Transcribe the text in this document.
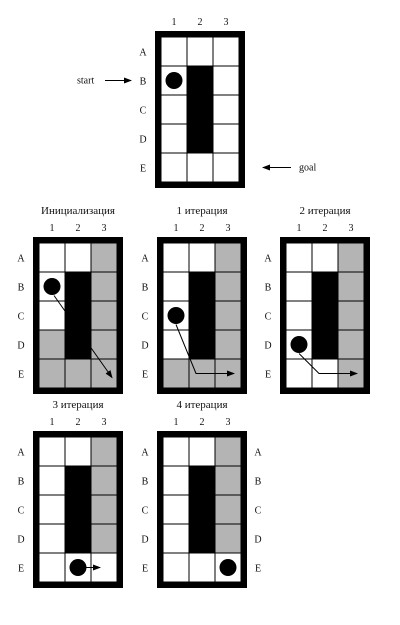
1 2 3
A
B
C
D
E
start
goal
1 2 3
A
B
C
D
E
Инициализация
1 2 3
A
B
C
D
E
1 итерация
1 2 3
A
B
C
D
E
2 итерация
1 2 3
A
B
C
D
E
3 итерация
1 2 3
A	A
B	B
C	C
D	D
E	E
4 итерация
